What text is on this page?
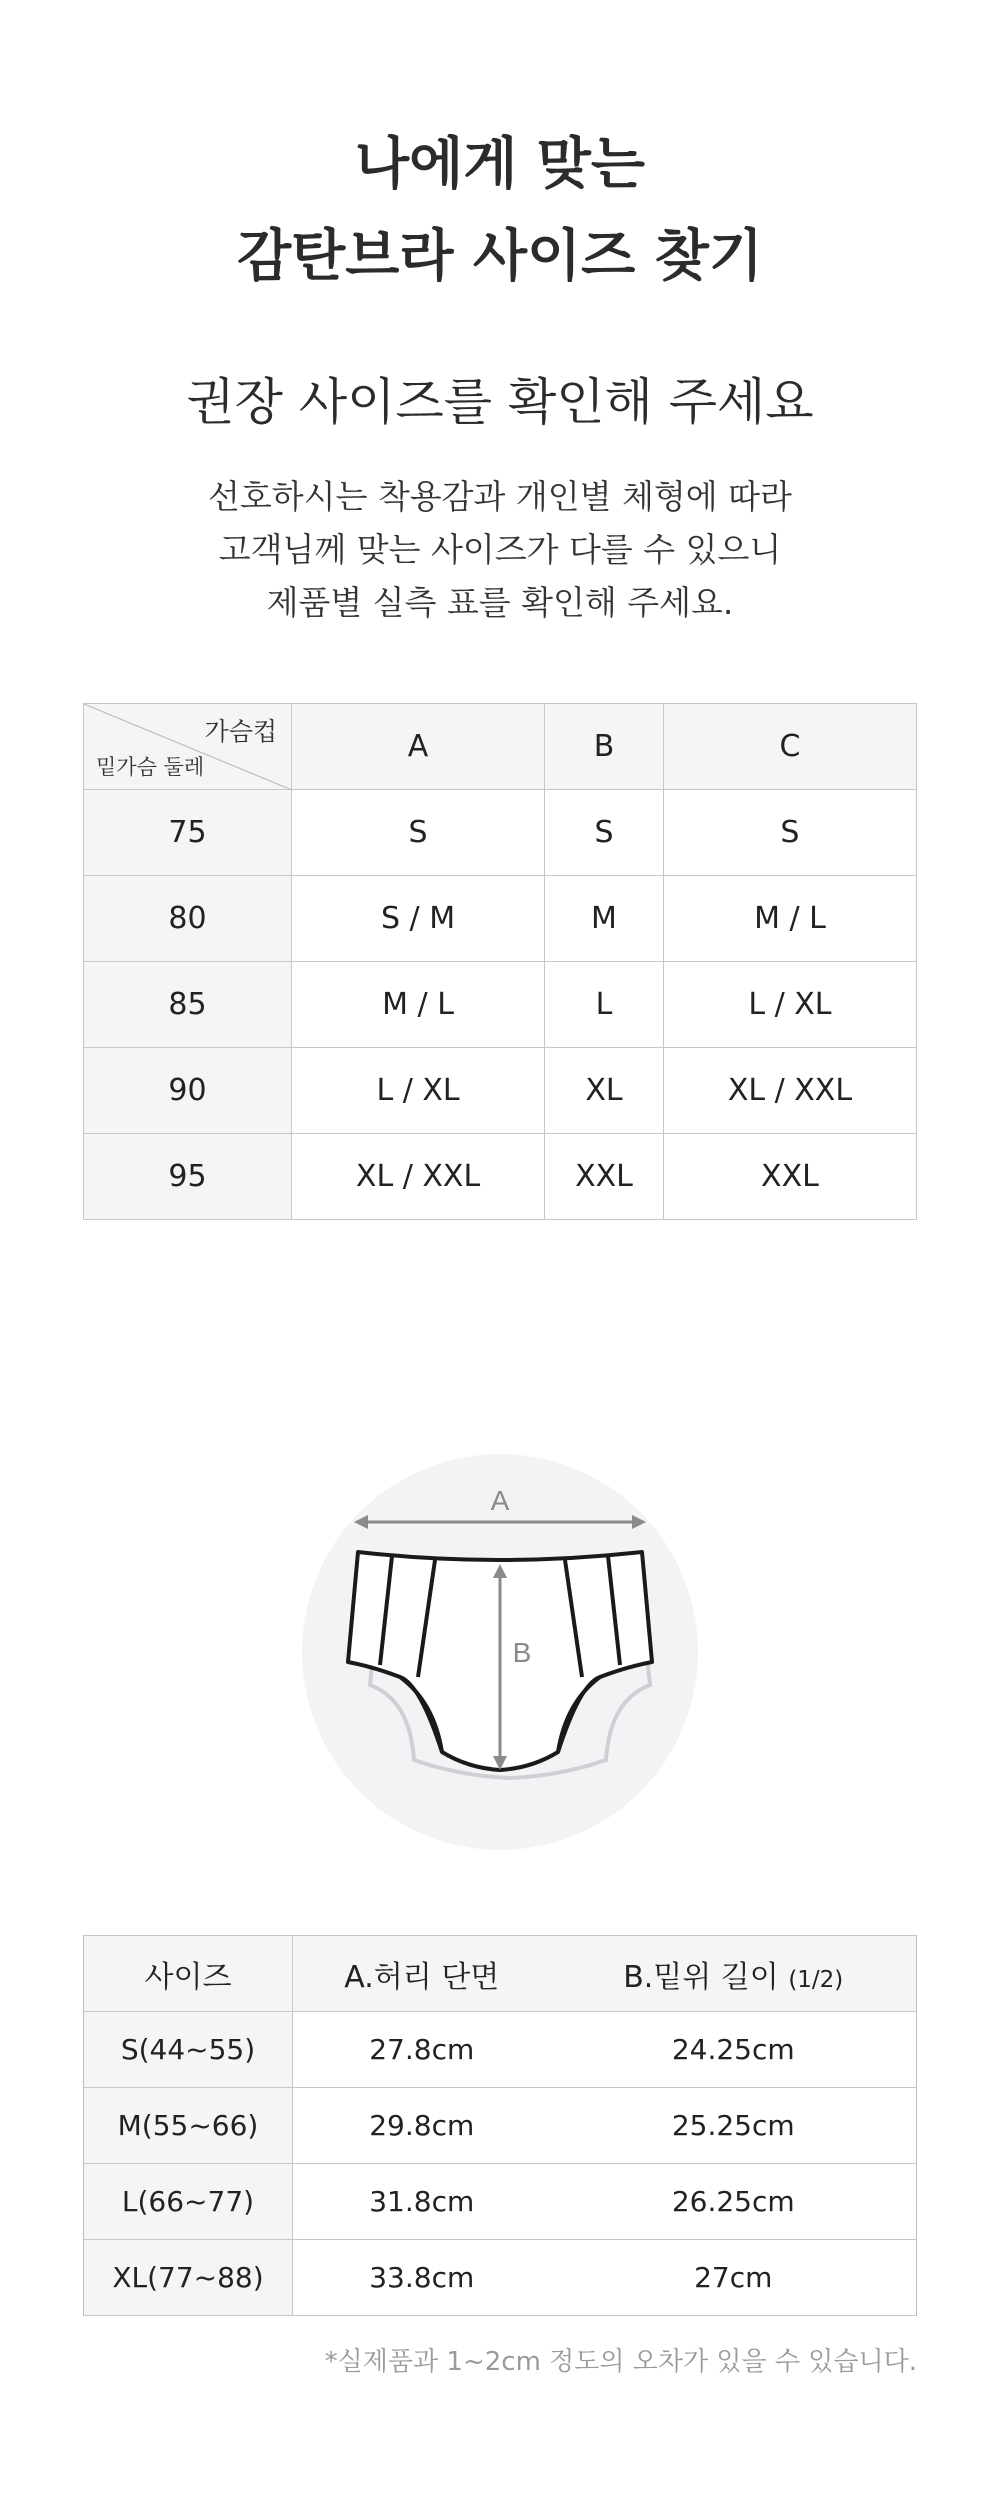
나에게 맞는
감탄브라 사이즈 찾기
권장 사이즈를 확인해 주세요
선호하시는 착용감과 개인별 체형에 따라
고객님께 맞는 사이즈가 다를 수 있으니
제품별 실측 표를 확인해 주세요.
가슴컵
밑가슴 둘레	A	B	C
75	S	S	S
80	S / M	M	M / L
85	M / L	L	L / XL
90	L / XL	XL	XL / XXL
95	XL / XXL	XXL	XXL
A
B
사이즈	A.허리 단면	B.밑위 길이 (1/2)
S(44~55)	27.8cm	24.25cm
M(55~66)	29.8cm	25.25cm
L(66~77)	31.8cm	26.25cm
XL(77~88)	33.8cm	27cm
*실제품과 1~2cm 정도의 오차가 있을 수 있습니다.
